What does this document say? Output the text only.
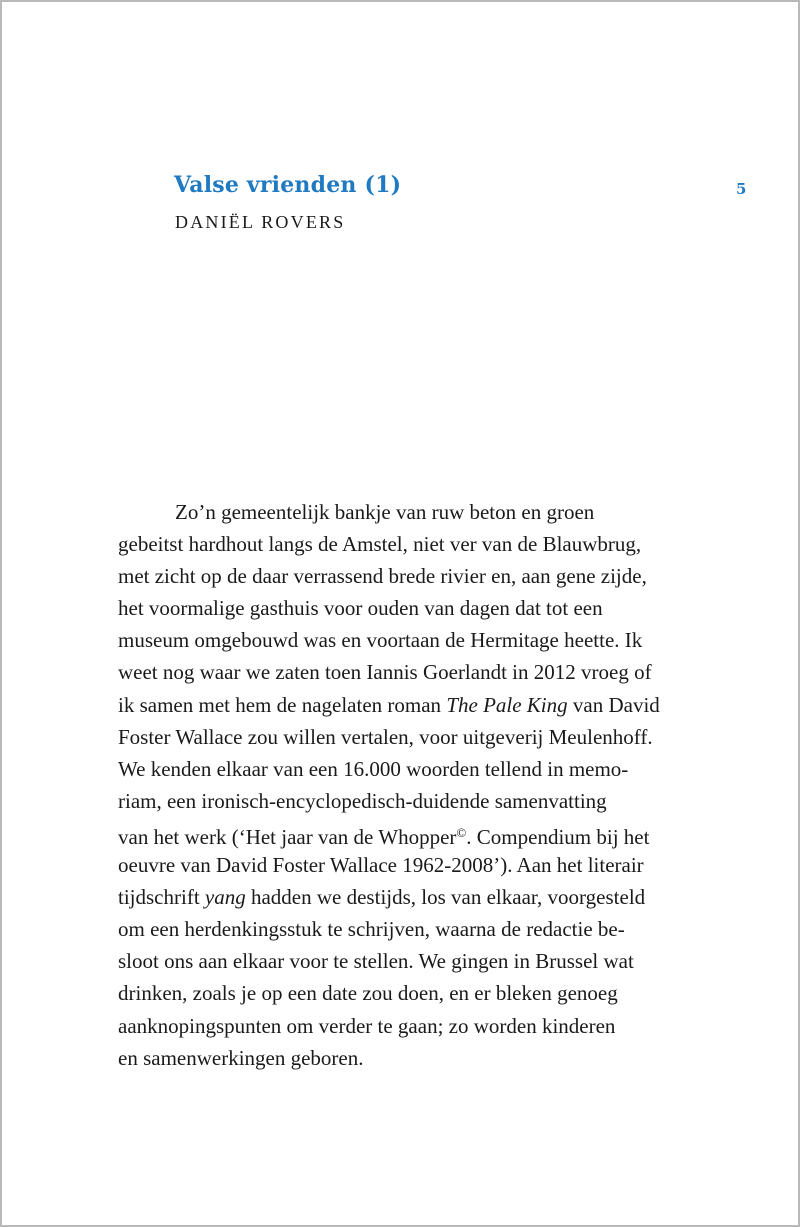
Valse vrienden (1)	5
DANIËL ROVERS
Zo’n gemeentelijk bankje van ruw beton en groen
gebeitst hardhout langs de Amstel, niet ver van de Blauwbrug,
met zicht op de daar verrassend brede rivier en, aan gene zijde,
het voormalige gasthuis voor ouden van dagen dat tot een
museum omgebouwd was en voortaan de Hermitage heette. Ik
weet nog waar we zaten toen Iannis Goerlandt in 2012 vroeg of
ik samen met hem de nagelaten roman The Pale King van David
Foster Wallace zou willen vertalen, voor uitgeverij Meulenhoff.
We kenden elkaar van een 16.000 woorden tellend in memo-
riam, een ironisch-encyclopedisch-duidende samenvatting
van het werk (‘Het jaar van de Whopper©. Compendium bij het
oeuvre van David Foster Wallace 1962-2008’). Aan het literair
tijdschrift yang hadden we destijds, los van elkaar, voorgesteld
om een herdenkingsstuk te schrijven, waarna de redactie be-
sloot ons aan elkaar voor te stellen. We gingen in Brussel wat
drinken, zoals je op een date zou doen, en er bleken genoeg
aanknopingspunten om verder te gaan; zo worden kinderen
en samenwerkingen geboren.
